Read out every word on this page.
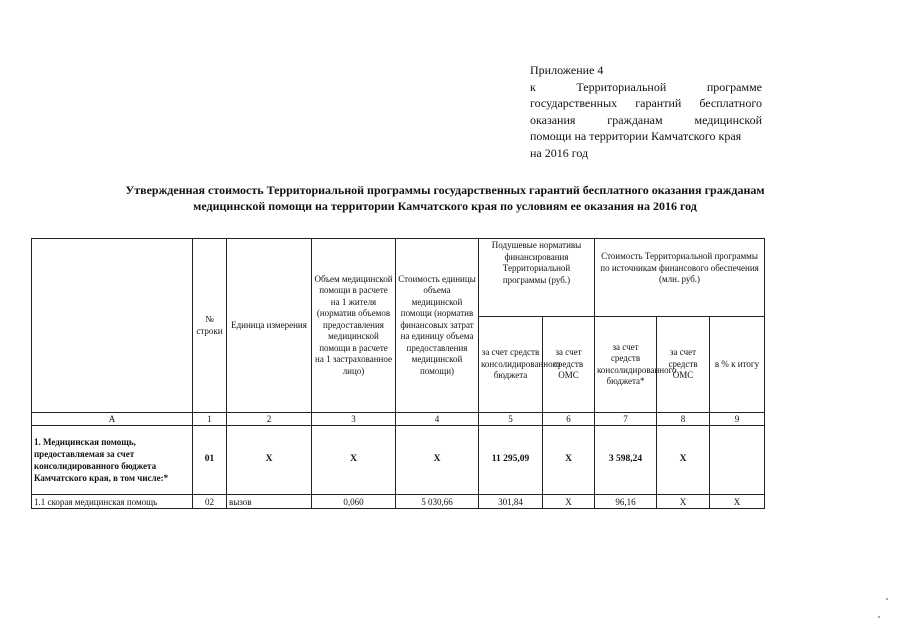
Приложение 4
к	Территориальной	программе
государственных гарантий бесплатного
оказания	гражданам	медицинской
помощи на территории Камчатского края
на 2016 год
Утвержденная стоимость Территориальной программы государственных гарантий бесплатного оказания гражданам
медицинской помощи на территории Камчатского края по условиям ее оказания на 2016 год
	№ строки	Единица измерения	Объем медицинской помощи в расчете на 1 жителя (норматив объемов предоставления медицинской помощи в расчете на 1 застрахованное лицо)	Стоимость единицы объема медицинской помощи (норматив финансовых затрат на единицу объема предоставления медицинской помощи)	Подушевые нормативы финансирования Территориальной программы (руб.)		Стоимость Территориальной программы по источникам финансового обеспечения (млн. руб.)		
					за счет средств консолидированного бюджета	за счет средств ОМС	за счет средств консолидированного бюджета*	за счет средств ОМС	в % к итогу
А	1	2	3	4	5	6	7	8	9
1. Медицинская помощь, предоставляемая за счет консолидированного бюджета Камчатского края, в том числе:*	01	Х	Х	Х	11 295,09	Х	3 598,24	Х	
1.1 скорая медицинская помощь	02	вызов	0,060	5 030,66	301,84	Х	96,16	Х	Х
